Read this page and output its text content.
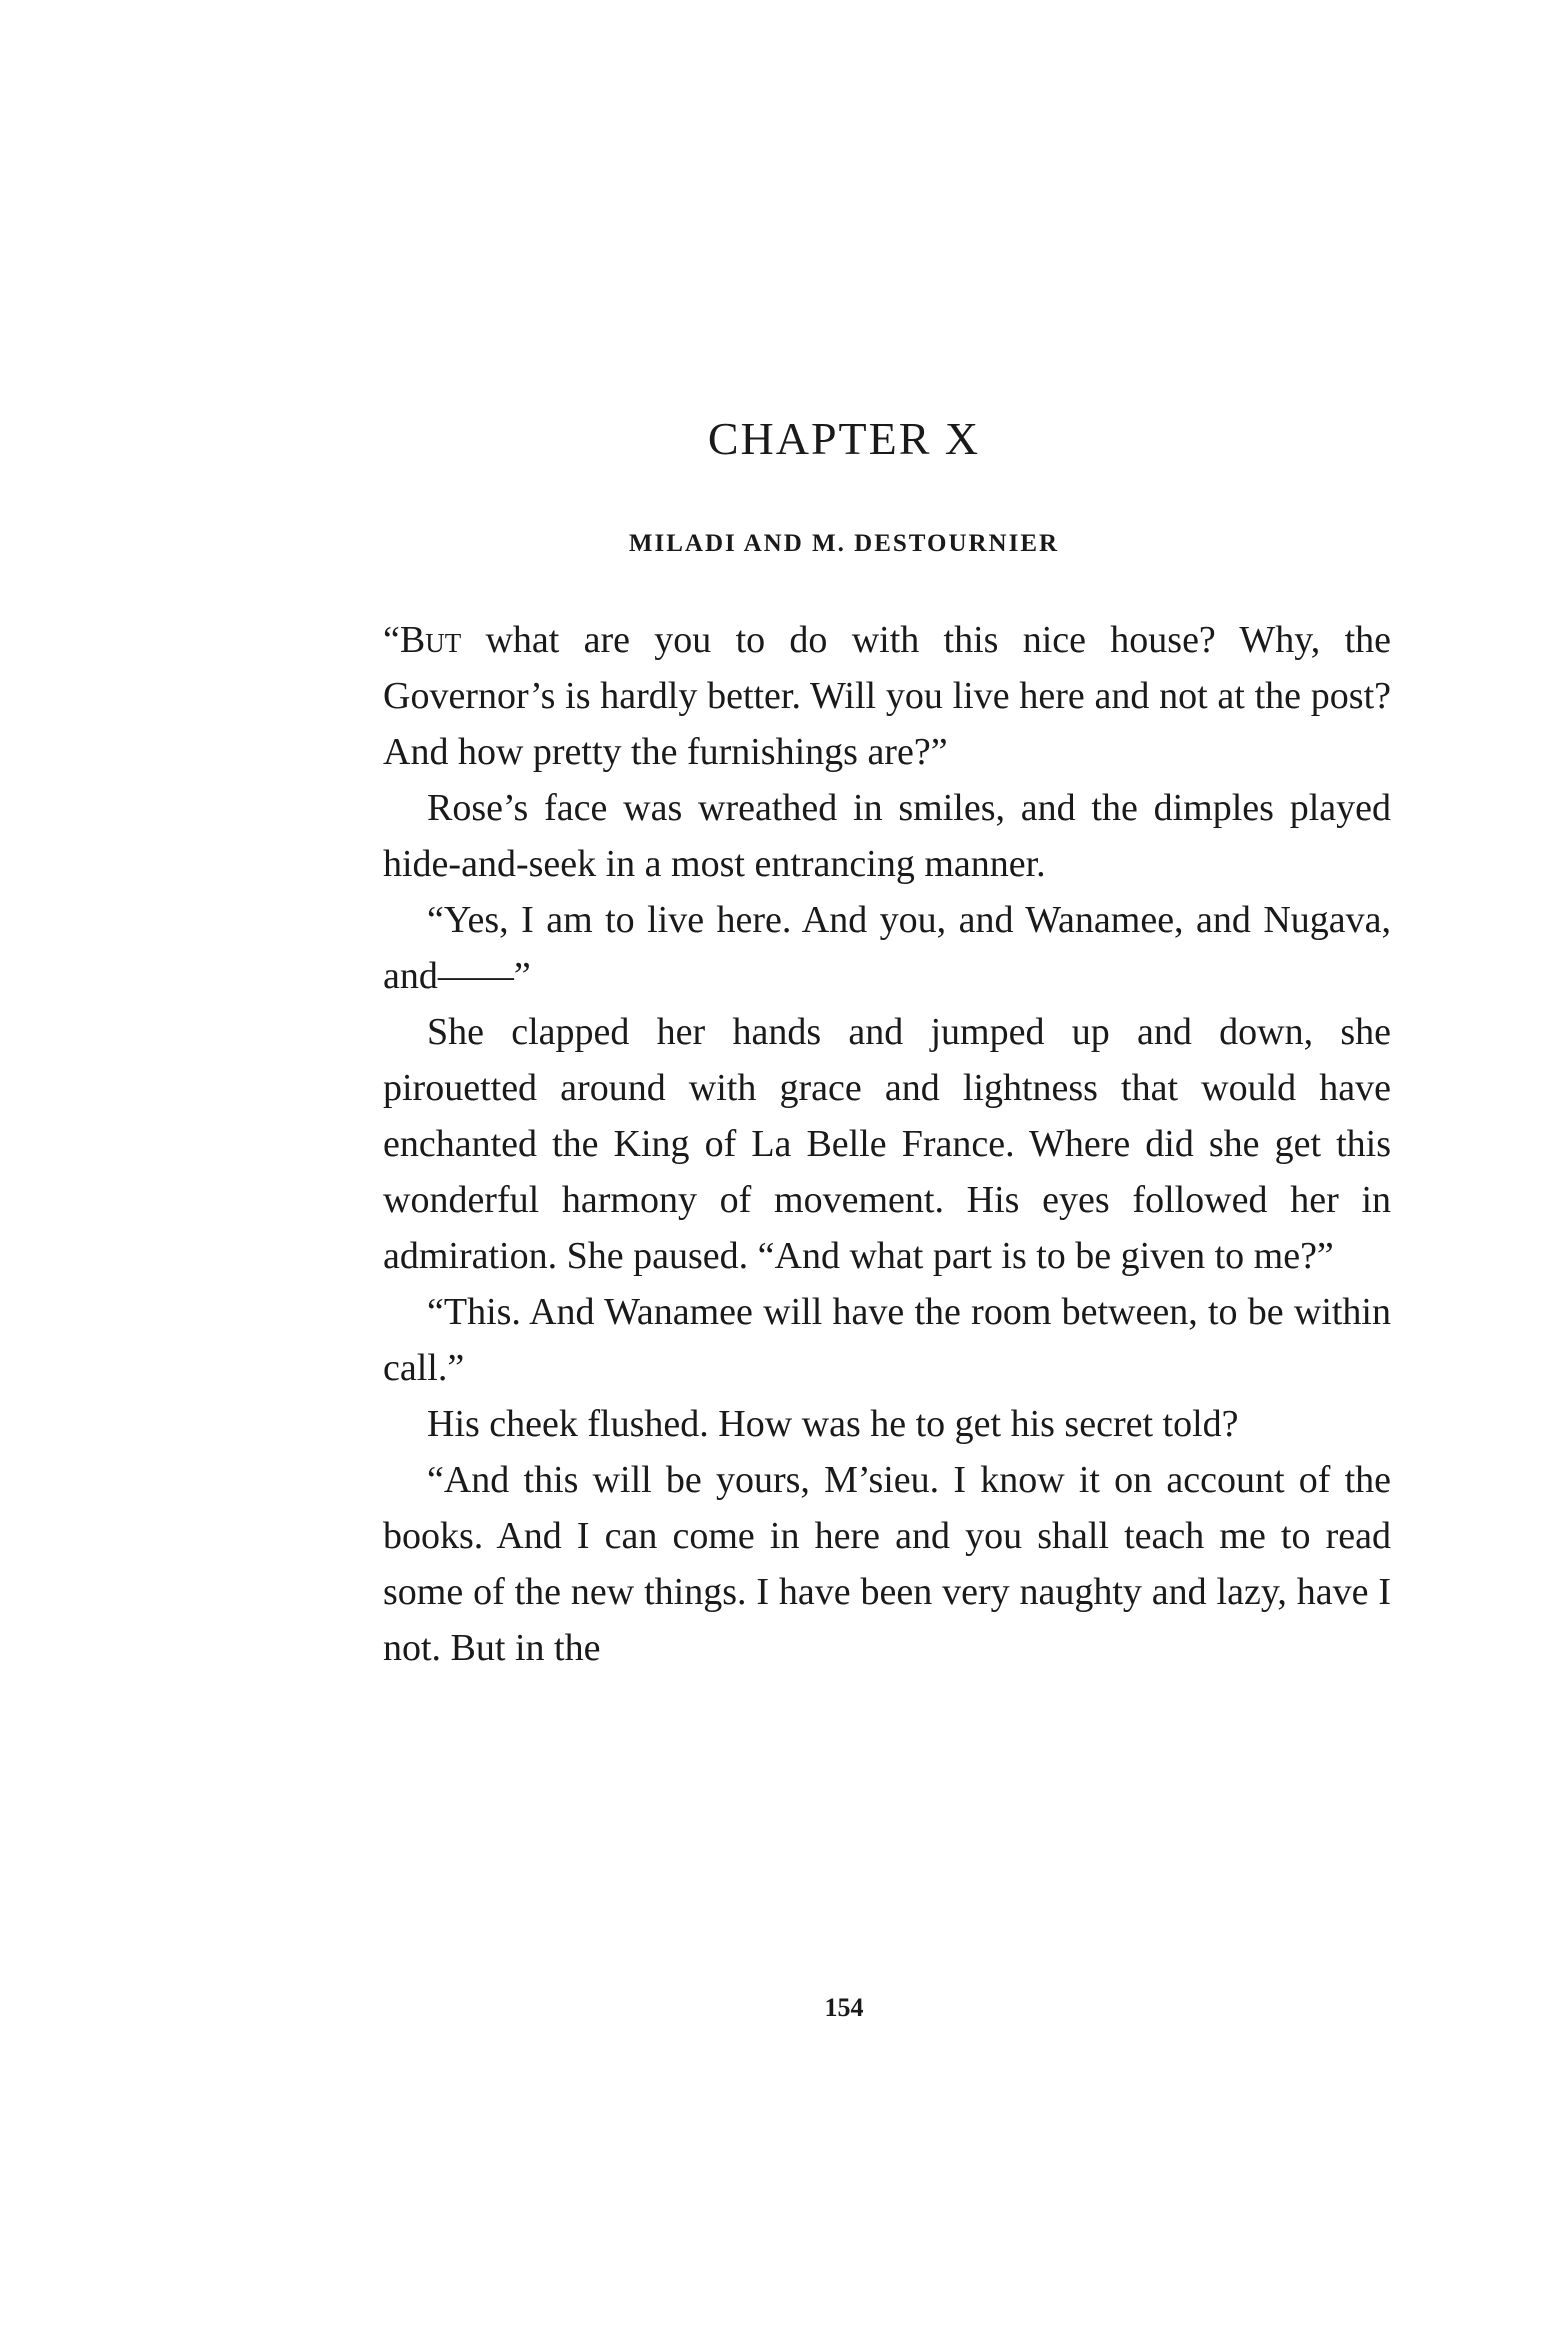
CHAPTER X
MILADI AND M. DESTOURNIER

“But what are you to do with this nice house? Why, the Governor’s is hardly better. Will you live here and not at the post? And how pretty the furnishings are?”

Rose’s face was wreathed in smiles, and the dimples played hide-and-seek in a most entrancing manner.

“Yes, I am to live here. And you, and Wanamee, and Nugava, and——”

She clapped her hands and jumped up and down, she pirouetted around with grace and lightness that would have enchanted the King of La Belle France. Where did she get this wonderful harmony of movement. His eyes followed her in admiration. She paused. “And what part is to be given to me?”

“This. And Wanamee will have the room between, to be within call.”

His cheek flushed. How was he to get his secret told?

“And this will be yours, M’sieu. I know it on account of the books. And I can come in here and you shall teach me to read some of the new things. I have been very naughty and lazy, have I not. But in the

154
